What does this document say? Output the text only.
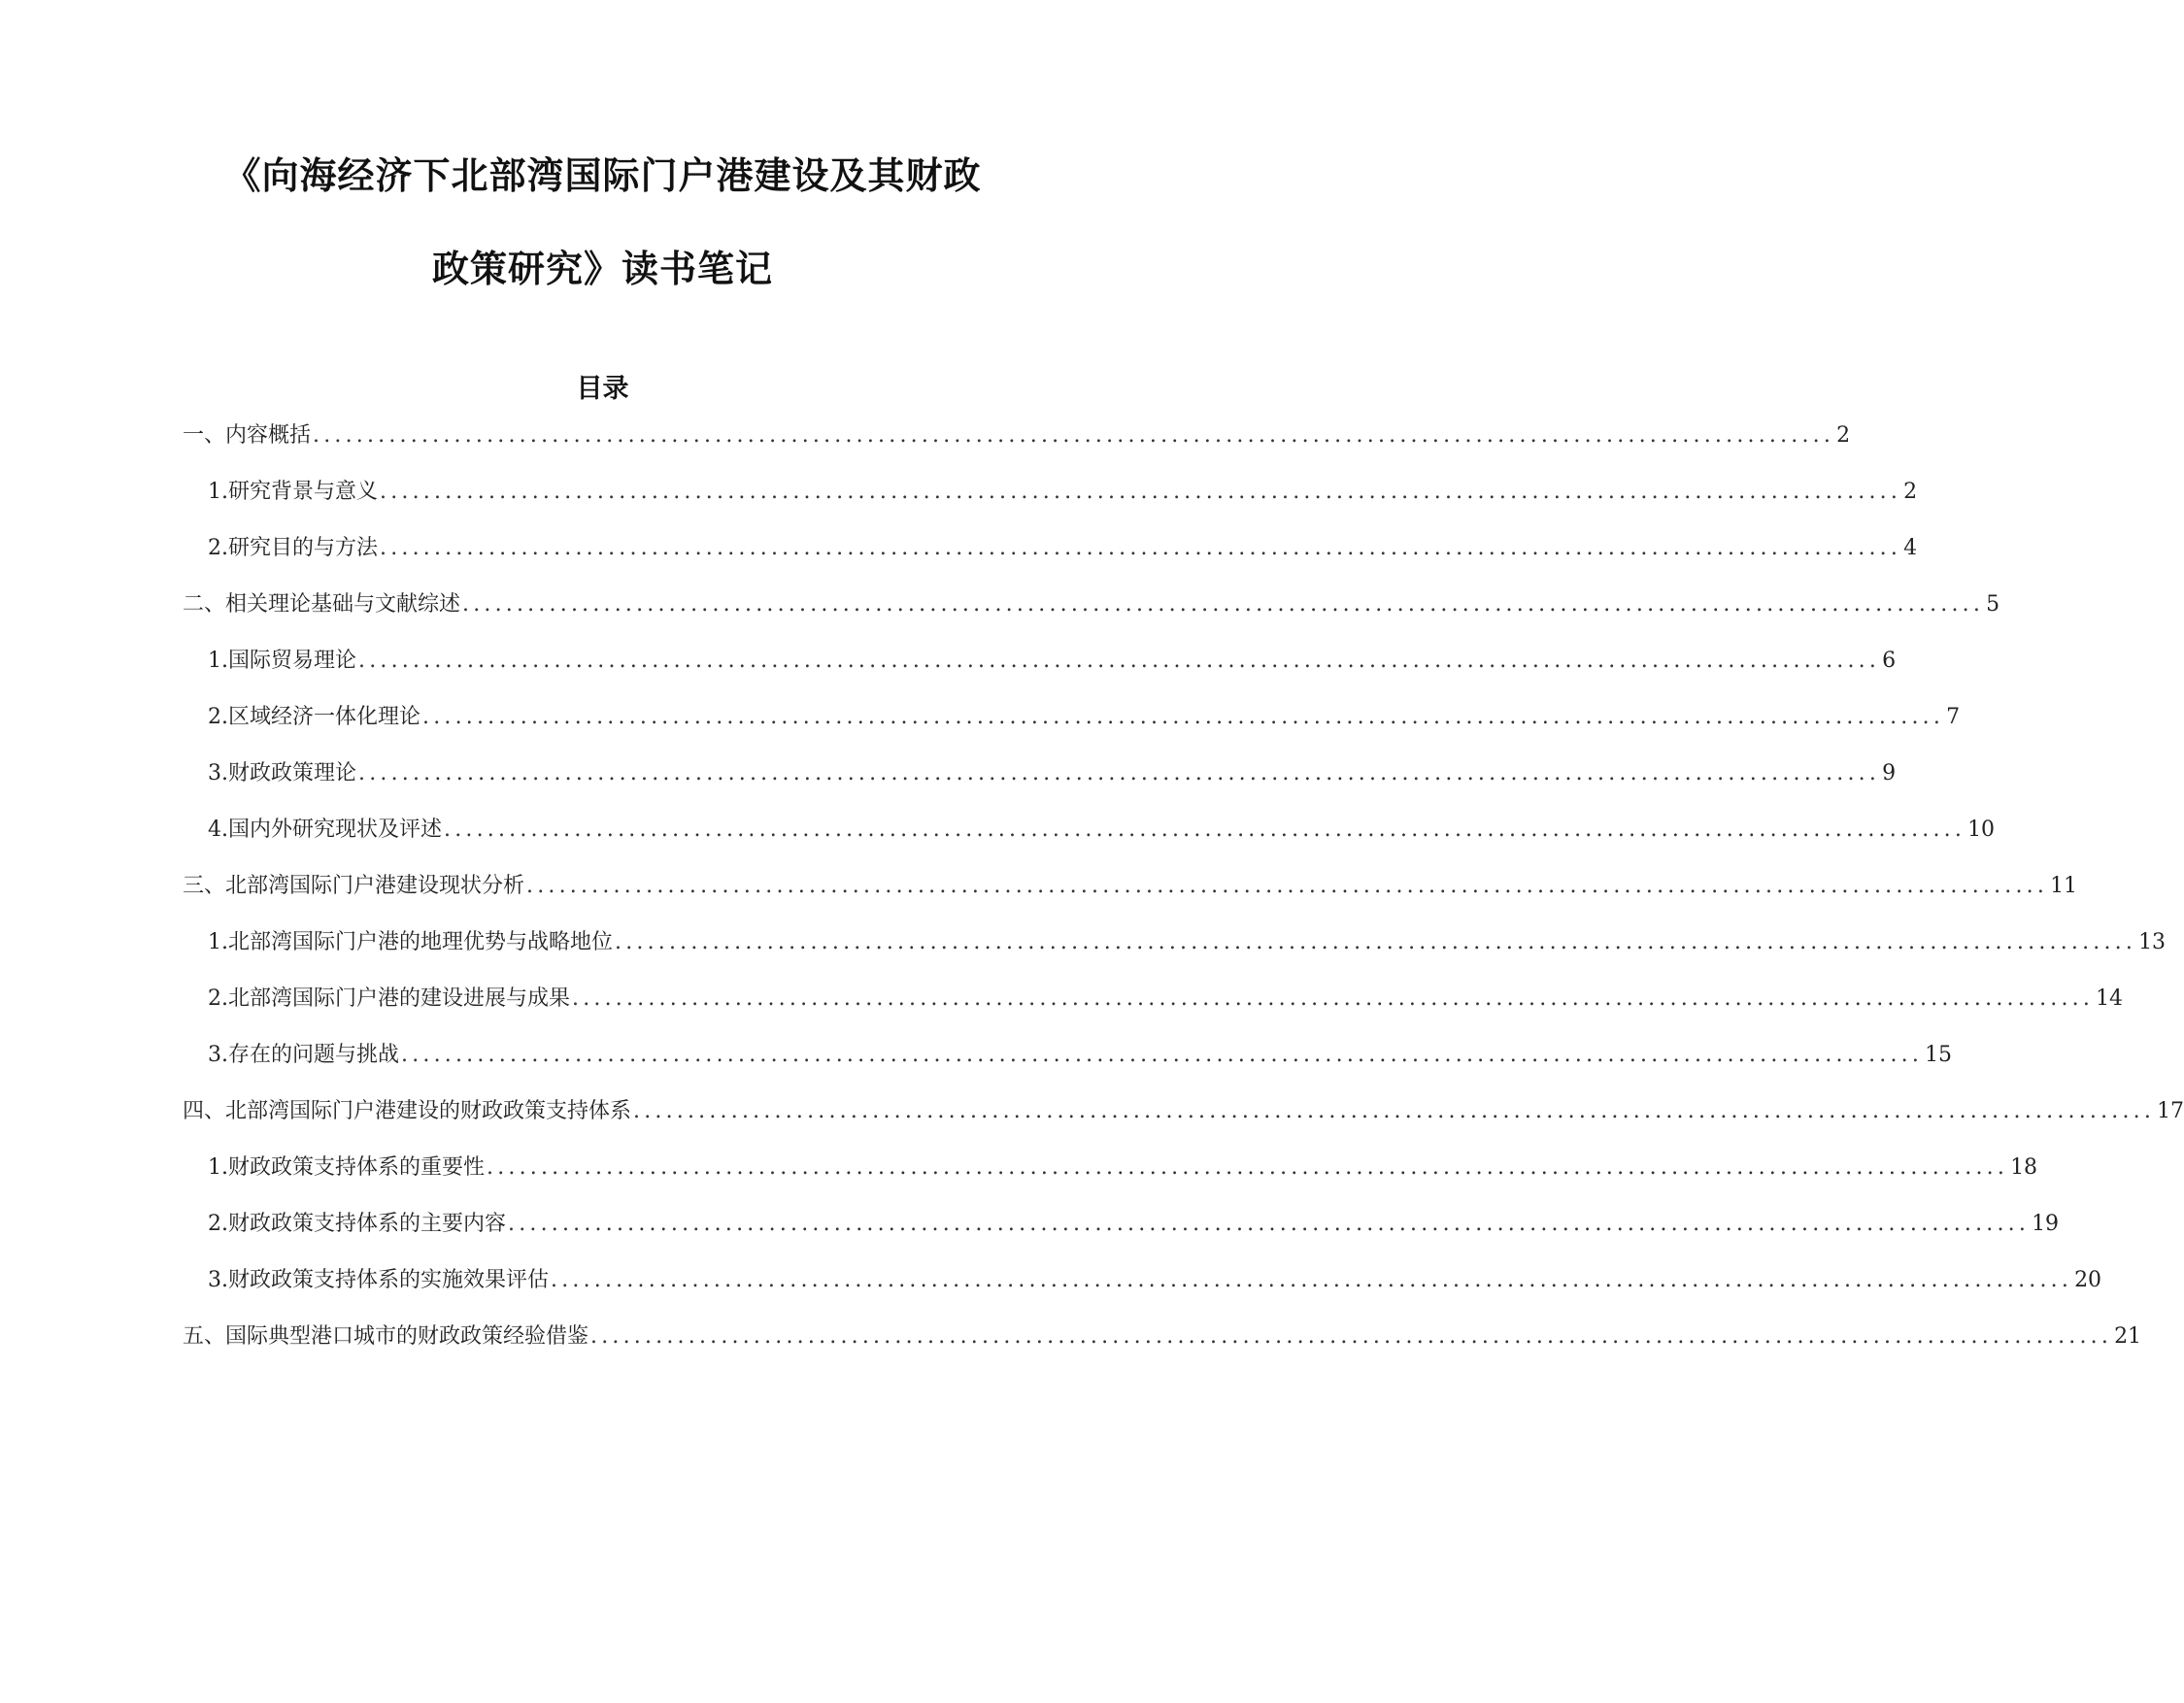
《向海经济下北部湾国际门户港建设及其财政
政策研究》读书笔记
目录
一、内容概括 ............................................................................................................................................ 2
1. 研究背景与意义 ............................................................................................................................................ 2
2. 研究目的与方法 ............................................................................................................................................ 4
二、相关理论基础与文献综述 ............................................................................................................................................ 5
1. 国际贸易理论 ............................................................................................................................................ 6
2. 区域经济一体化理论 ............................................................................................................................................ 7
3. 财政政策理论 ............................................................................................................................................ 9
4. 国内外研究现状及评述 ............................................................................................................................................ 10
三、北部湾国际门户港建设现状分析 ............................................................................................................................................ 11
1. 北部湾国际门户港的地理优势与战略地位 ............................................................................................................................................ 13
2. 北部湾国际门户港的建设进展与成果 ............................................................................................................................................ 14
3. 存在的问题与挑战 ............................................................................................................................................ 15
四、北部湾国际门户港建设的财政政策支持体系 ............................................................................................................................................ 17
1. 财政政策支持体系的重要性 ............................................................................................................................................ 18
2. 财政政策支持体系的主要内容 ............................................................................................................................................ 19
3. 财政政策支持体系的实施效果评估 ............................................................................................................................................ 20
五、国际典型港口城市的财政政策经验借鉴 ............................................................................................................................................ 21
